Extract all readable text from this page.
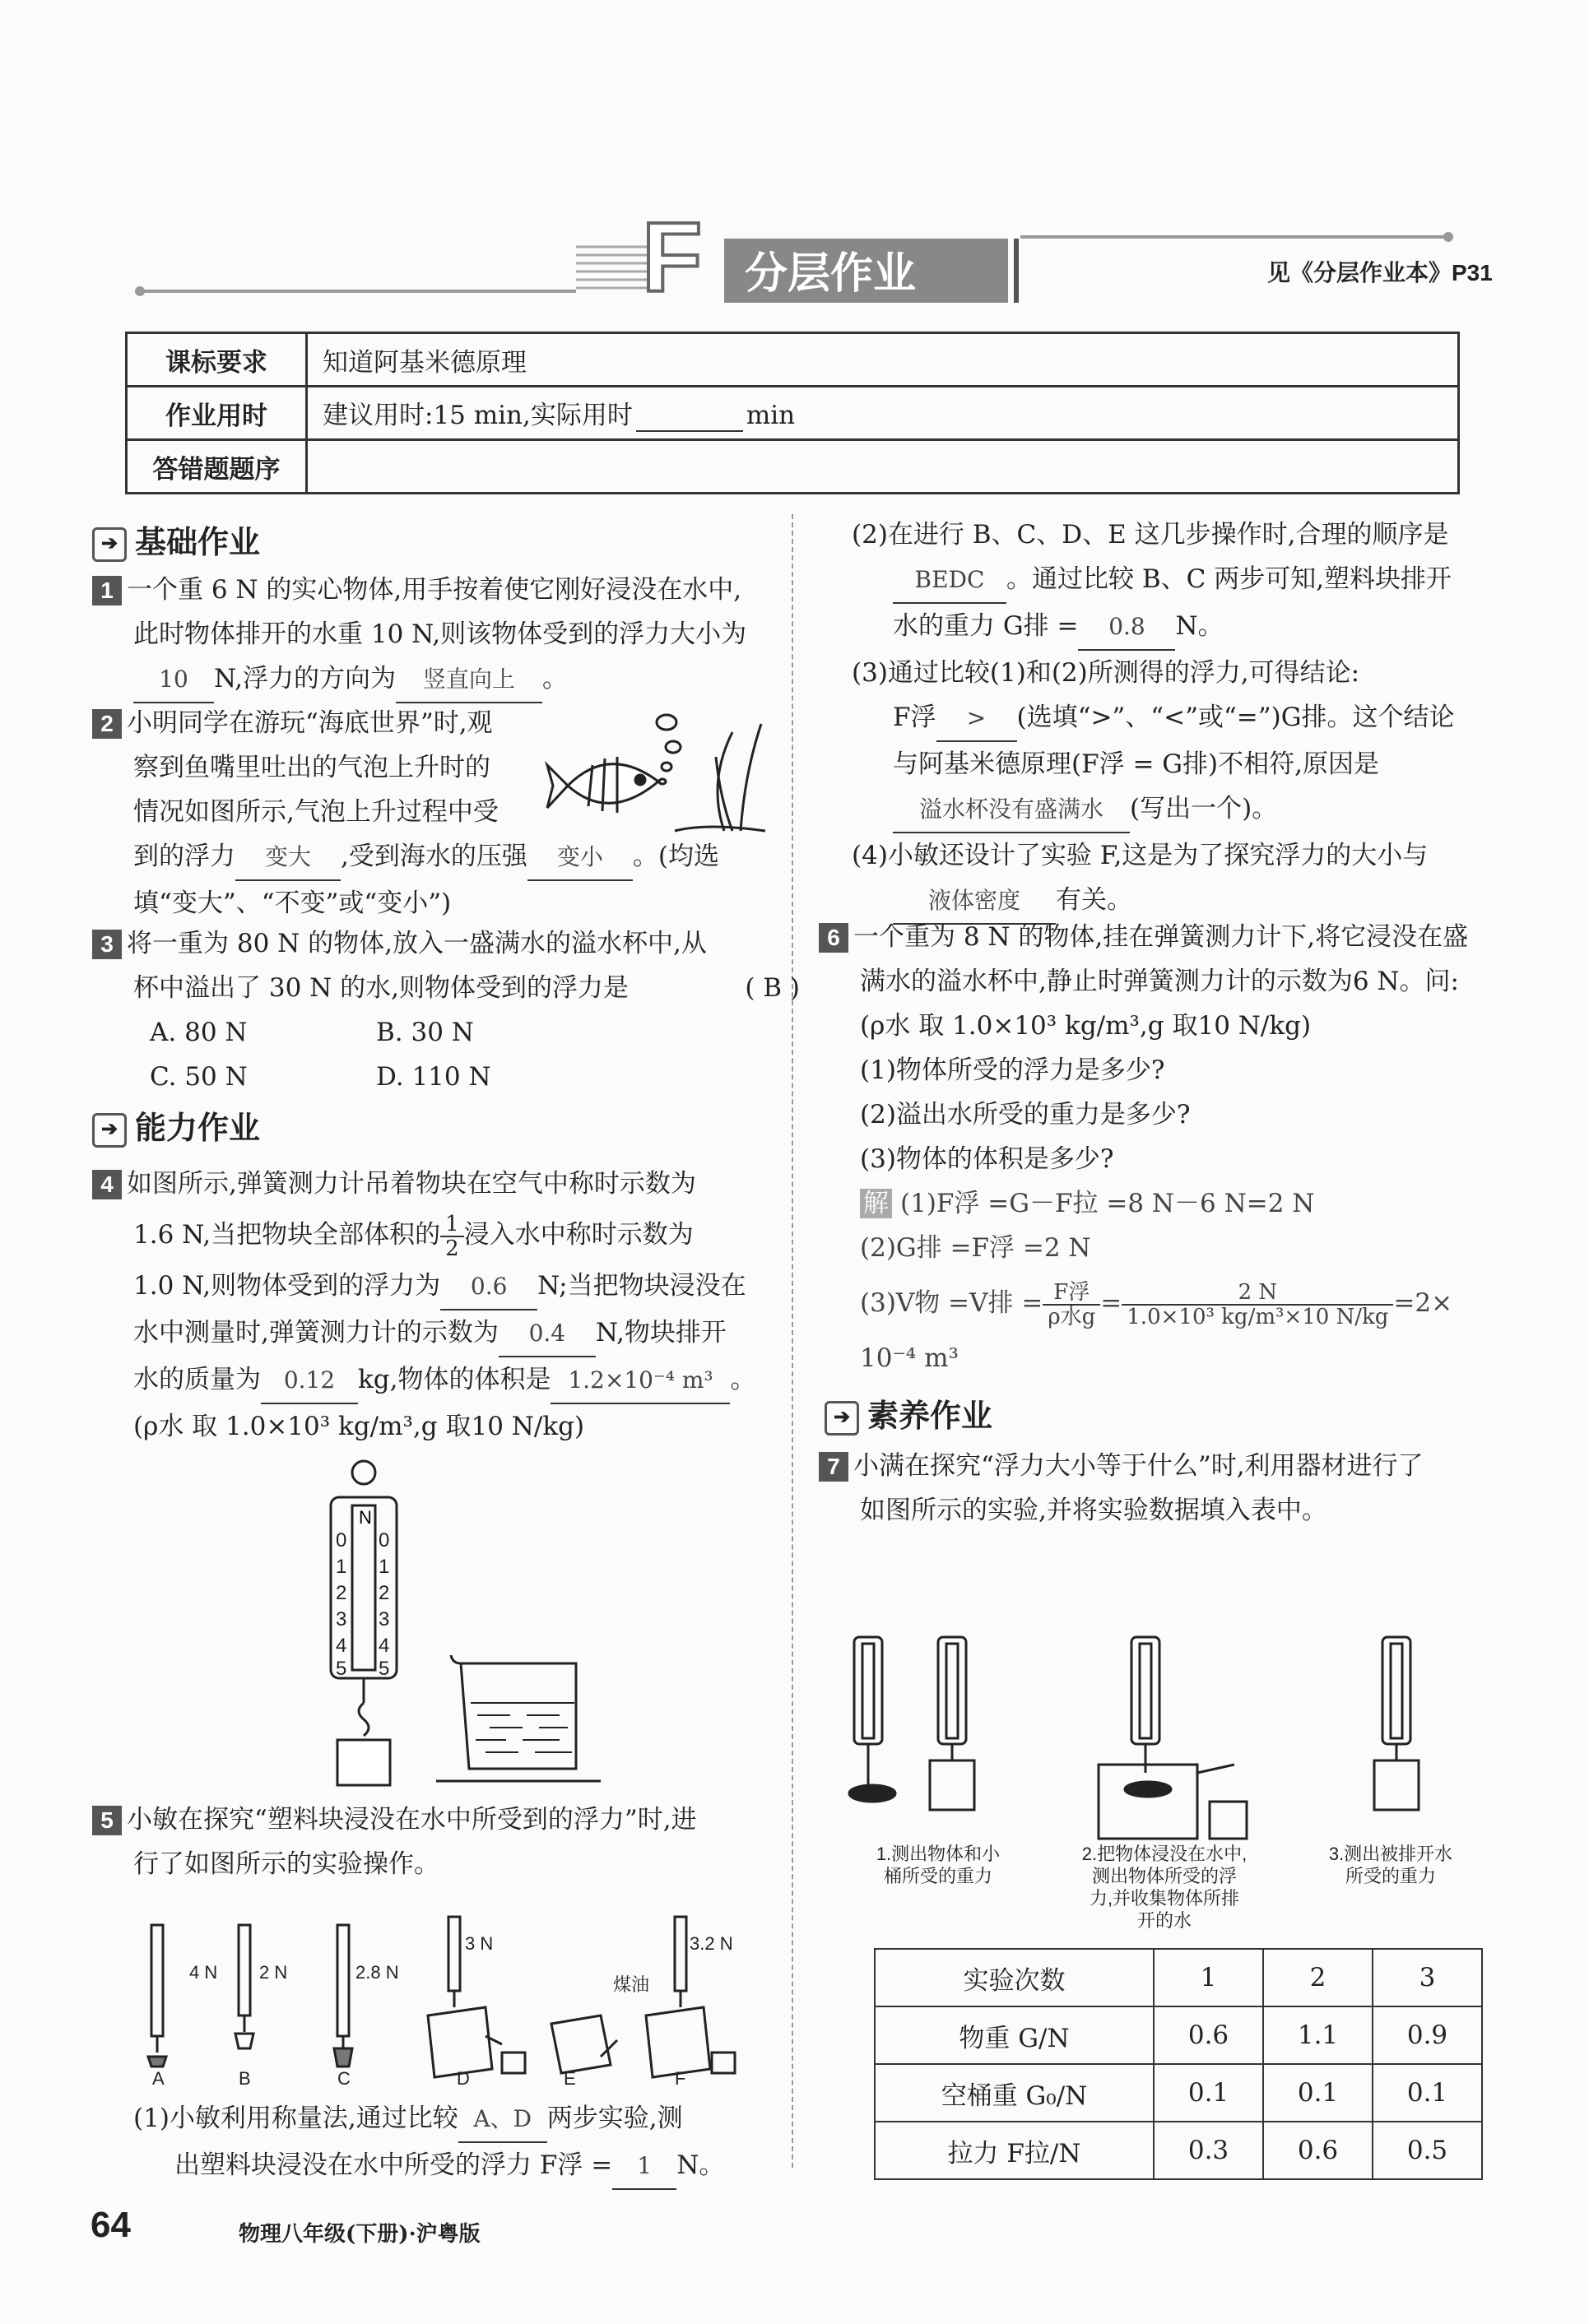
F 分层作业	见《分层作业本》P31
课标要求	知道阿基米德原理
作业用时	建议用时:15 min,实际用时 min
答错题题序	
➔ 基础作业
1 一个重 6 N 的实心物体,用手按着使它刚好浸没在水中,
此时物体排开的水重 10 N,则该物体受到的浮力大小为
10 N,浮力的方向为 竖直向上 。
2 小明同学在游玩“海底世界”时,观
察到鱼嘴里吐出的气泡上升时的
情况如图所示,气泡上升过程中受
到的浮力 变大 ,受到海水的压强 变小 。(均选
填“变大”、“不变”或“变小”)
3 将一重为 80 N 的物体,放入一盛满水的溢水杯中,从
杯中溢出了 30 N 的水,则物体受到的浮力是	( B )
A. 80 N	B. 30 N
C. 50 N	D. 110 N
➔ 能力作业
4 如图所示,弹簧测力计吊着物块在空气中称时示数为
1.6 N,当把物块全部体积的 $\frac{1}{2}$ 浸入水中称时示数为
1.0 N,则物体受到的浮力为 0.6 N;当把物块浸没在
水中测量时,弹簧测力计的示数为 0.4 N,物块排开
水的质量为 0.12 kg,物体的体积是 1.2×10⁻⁴ m³ 。
(ρ水 取 1.0×10³ kg/m³,g 取10 N/kg)
N
0 0
1 1
2 2
3 3
4 4
5 5
5 小敏在探究“塑料块浸没在水中所受到的浮力”时,进
行了如图所示的实验操作。
4 N 2 N	2.8 N
3 N	3.2 N
煤油
A	B	C	D	E	F
(1)小敏利用称量法,通过比较 A、D 两步实验,测
出塑料块浸没在水中所受的浮力 F浮 = 1 N。
(2)在进行 B、C、D、E 这几步操作时,合理的顺序是
BEDC 。通过比较 B、C 两步可知,塑料块排开
水的重力 G排 = 0.8 N。
(3)通过比较(1)和(2)所测得的浮力,可得结论:
F浮 > (选填“>”、“<”或“=”)G排。这个结论
与阿基米德原理(F浮 = G排)不相符,原因是
溢水杯没有盛满水 (写出一个)。
(4)小敏还设计了实验 F,这是为了探究浮力的大小与
液体密度 有关。
6 一个重为 8 N 的物体,挂在弹簧测力计下,将它浸没在盛
满水的溢水杯中,静止时弹簧测力计的示数为6 N。问:
(ρ水 取 1.0×10³ kg/m³,g 取10 N/kg)
(1)物体所受的浮力是多少?
(2)溢出水所受的重力是多少?
(3)物体的体积是多少?
解 (1)F浮 =G－F拉 =8 N－6 N=2 N
(2)G排 =F浮 =2 N
(3)V物 =V排 = $\frac{\text{F浮}}{\text{ρ水g}} = \frac{2 N}{\text{1.0×10³ kg/m³×10 N/kg}} =2\times$
10⁻⁴ m³
➔ 素养作业
7 小满在探究“浮力大小等于什么”时,利用器材进行了
如图所示的实验,并将实验数据填入表中。
1.测出物体和小
桶所受的重力
2.把物体浸没在水中,
测出物体所受的浮
力,并收集物体所排
开的水
3.测出被排开水
所受的重力
实验次数	1	2	3
物重 G/N	0.6	1.1	0.9
空桶重 G₀/N	0.1	0.1	0.1
拉力 F拉/N	0.3	0.6	0.5
64	物理八年级(下册)·沪粤版
